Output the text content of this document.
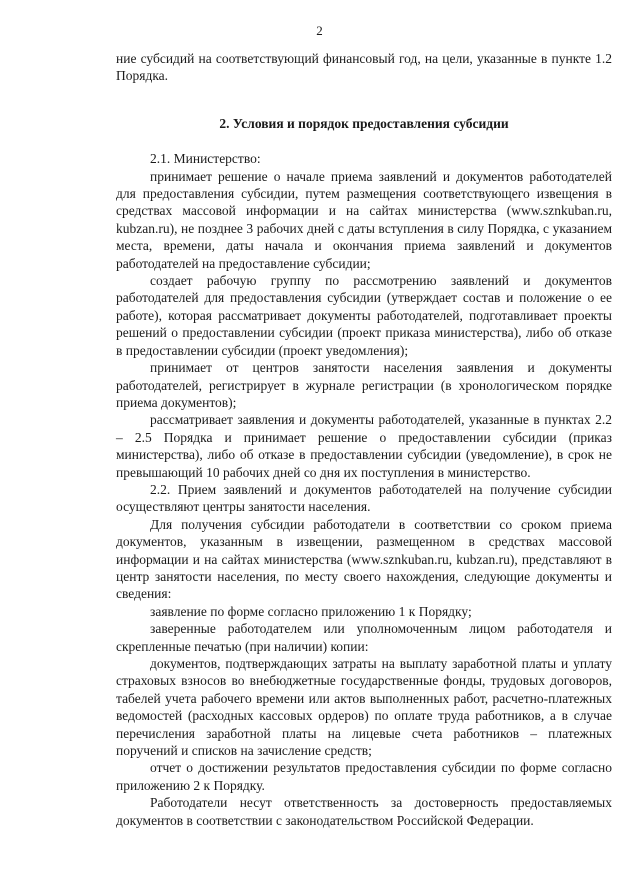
2

ние субсидий на соответствующий финансовый год, на цели, указанные в пункте 1.2 Порядка.

2. Условия и порядок предоставления субсидии

2.1. Министерство:

принимает решение о начале приема заявлений и документов работодателей для предоставления субсидии, путем размещения соответствующего извещения в средствах массовой информации и на сайтах министерства (www.sznkuban.ru, kubzan.ru), не позднее 3 рабочих дней с даты вступления в силу Порядка, с указанием места, времени, даты начала и окончания приема заявлений и документов работодателей на предоставление субсидии;

создает рабочую группу по рассмотрению заявлений и документов работодателей для предоставления субсидии (утверждает состав и положение о ее работе), которая рассматривает документы работодателей, подготавливает проекты решений о предоставлении субсидии (проект приказа министерства), либо об отказе в предоставлении субсидии (проект уведомления);

принимает от центров занятости населения заявления и документы работодателей, регистрирует в журнале регистрации (в хронологическом порядке приема документов);

рассматривает заявления и документы работодателей, указанные в пунктах 2.2 – 2.5 Порядка и принимает решение о предоставлении субсидии (приказ министерства), либо об отказе в предоставлении субсидии (уведомление), в срок не превышающий 10 рабочих дней со дня их поступления в министерство.

2.2. Прием заявлений и документов работодателей на получение субсидии осуществляют центры занятости населения.

Для получения субсидии работодатели в соответствии со сроком приема документов, указанным в извещении, размещенном в средствах массовой информации и на сайтах министерства (www.sznkuban.ru, kubzan.ru), представляют в центр занятости населения, по месту своего нахождения, следующие документы и сведения:

заявление по форме согласно приложению 1 к Порядку;

заверенные работодателем или уполномоченным лицом работодателя и скрепленные печатью (при наличии) копии:

документов, подтверждающих затраты на выплату заработной платы и уплату страховых взносов во внебюджетные государственные фонды, трудовых договоров, табелей учета рабочего времени или актов выполненных работ, расчетно-платежных ведомостей (расходных кассовых ордеров) по оплате труда работников, а в случае перечисления заработной платы на лицевые счета работников – платежных поручений и списков на зачисление средств;

отчет о достижении результатов предоставления субсидии по форме согласно приложению 2 к Порядку.

Работодатели несут ответственность за достоверность предоставляемых документов в соответствии с законодательством Российской Федерации.
